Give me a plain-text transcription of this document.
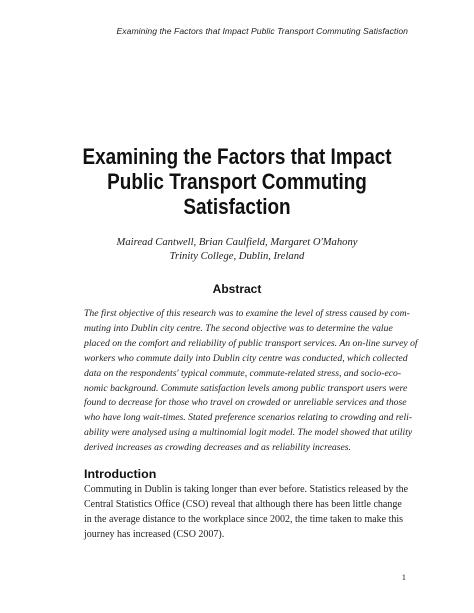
Examining the Factors that Impact Public Transport Commuting Satisfaction
Examining the Factors that Impact
Public Transport Commuting
Satisfaction
Mairead Cantwell, Brian Caulfield, Margaret O'Mahony
Trinity College, Dublin, Ireland
Abstract
The first objective of this research was to examine the level of stress caused by com-
muting into Dublin city centre. The second objective was to determine the value
placed on the comfort and reliability of public transport services. An on-line survey of
workers who commute daily into Dublin city centre was conducted, which collected
data on the respondents' typical commute, commute-related stress, and socio-eco-
nomic background. Commute satisfaction levels among public transport users were
found to decrease for those who travel on crowded or unreliable services and those
who have long wait-times. Stated preference scenarios relating to crowding and reli-
ability were analysed using a multinomial logit model. The model showed that utility
derived increases as crowding decreases and as reliability increases.
Introduction
Commuting in Dublin is taking longer than ever before. Statistics released by the
Central Statistics Office (CSO) reveal that although there has been little change
in the average distance to the workplace since 2002, the time taken to make this
journey has increased (CSO 2007).
1
